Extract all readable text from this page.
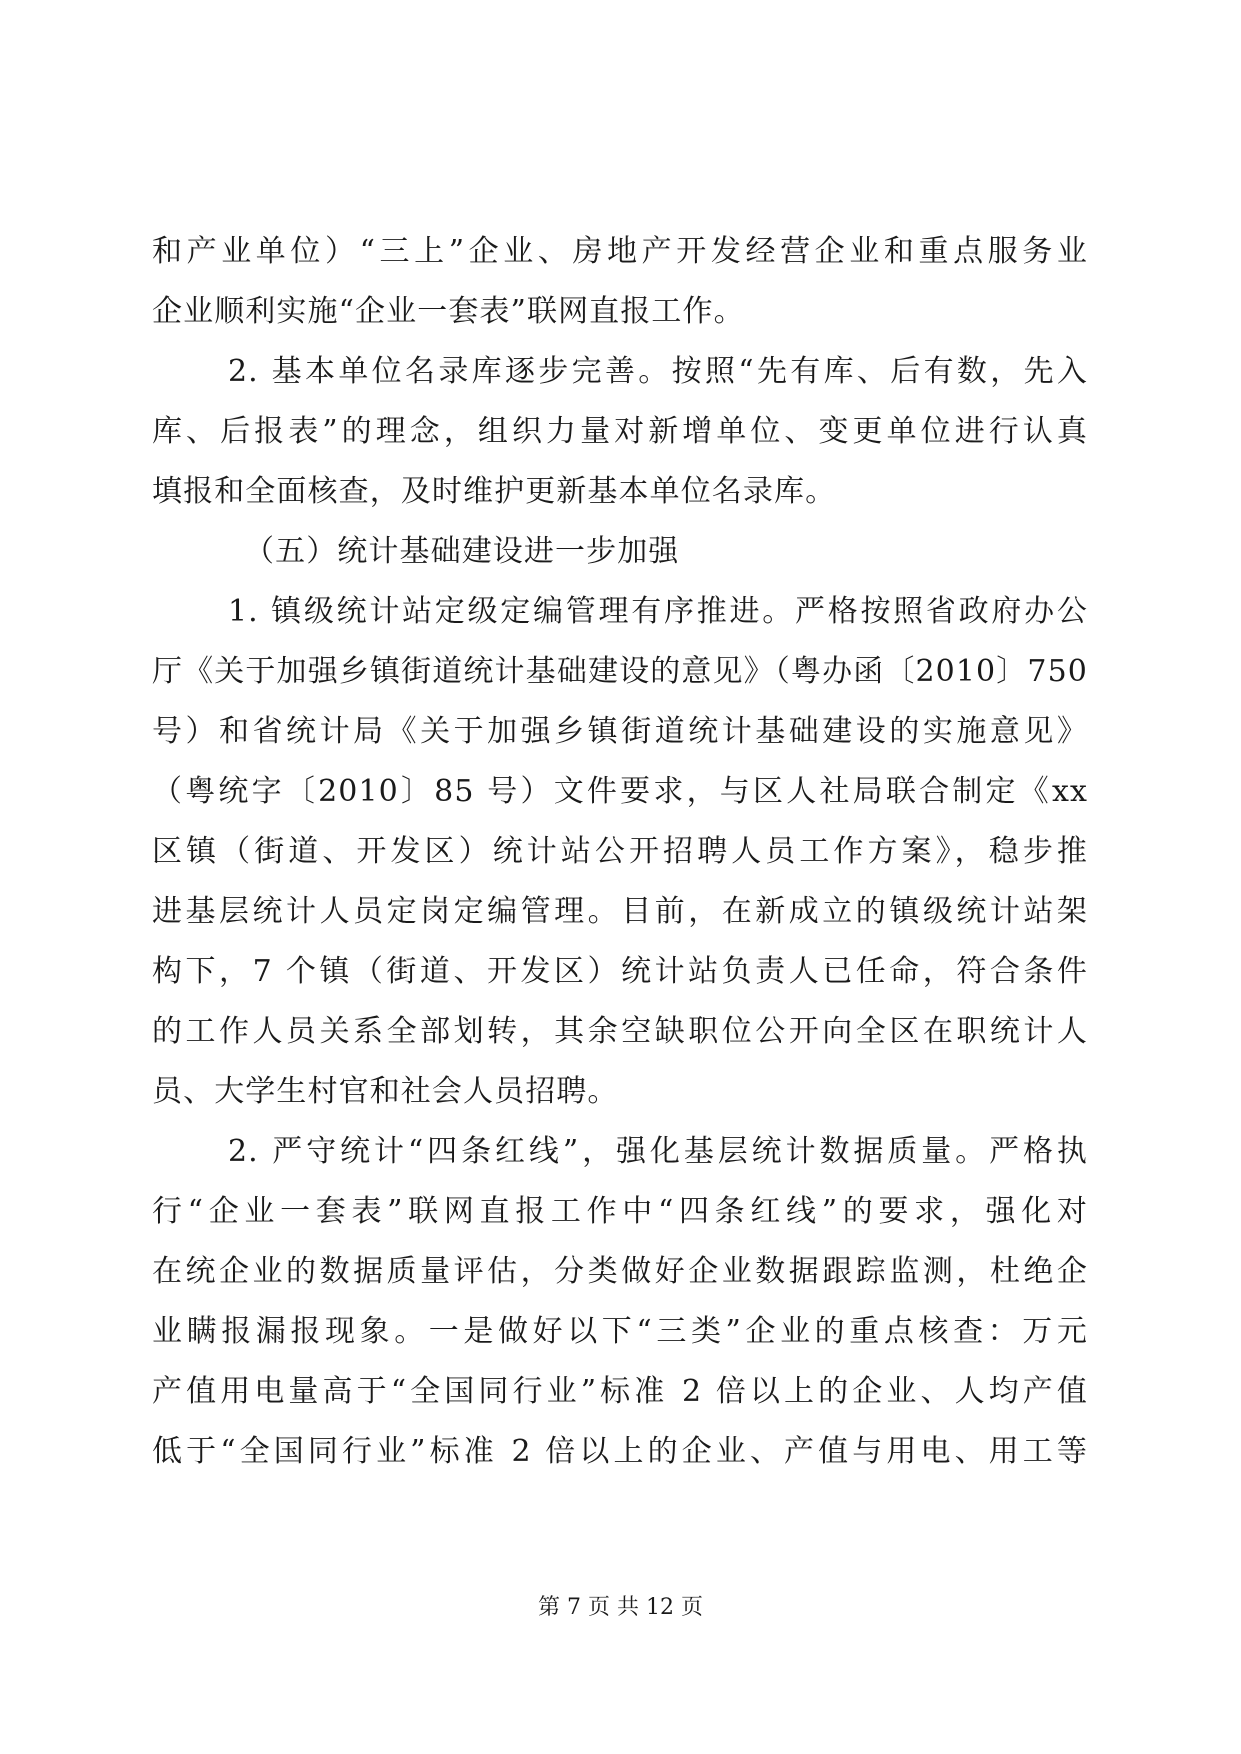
和产业单位）“三上”企业、房地产开发经营企业和重点服务业
企业顺利实施“企业一套表”联网直报工作。
2. 基本单位名录库逐步完善。按照“先有库、后有数，先入
库、后报表”的理念，组织力量对新增单位、变更单位进行认真
填报和全面核查，及时维护更新基本单位名录库。
（五）统计基础建设进一步加强
1. 镇级统计站定级定编管理有序推进。严格按照省政府办公
厅《关于加强乡镇街道统计基础建设的意见》（粤办函〔2010〕750
号）和省统计局《关于加强乡镇街道统计基础建设的实施意见》
（粤统字〔2010〕85 号）文件要求，与区人社局联合制定《xx
区镇（街道、开发区）统计站公开招聘人员工作方案》，稳步推
进基层统计人员定岗定编管理。目前，在新成立的镇级统计站架
构下，7 个镇（街道、开发区）统计站负责人已任命，符合条件
的工作人员关系全部划转，其余空缺职位公开向全区在职统计人
员、大学生村官和社会人员招聘。
2. 严守统计“四条红线”，强化基层统计数据质量。严格执
行“企业一套表”联网直报工作中“四条红线”的要求，强化对
在统企业的数据质量评估，分类做好企业数据跟踪监测，杜绝企
业瞒报漏报现象。一是做好以下“三类”企业的重点核查：万元
产值用电量高于“全国同行业”标准 2 倍以上的企业、人均产值
低于“全国同行业”标准 2 倍以上的企业、产值与用电、用工等
第 7 页 共 12 页
